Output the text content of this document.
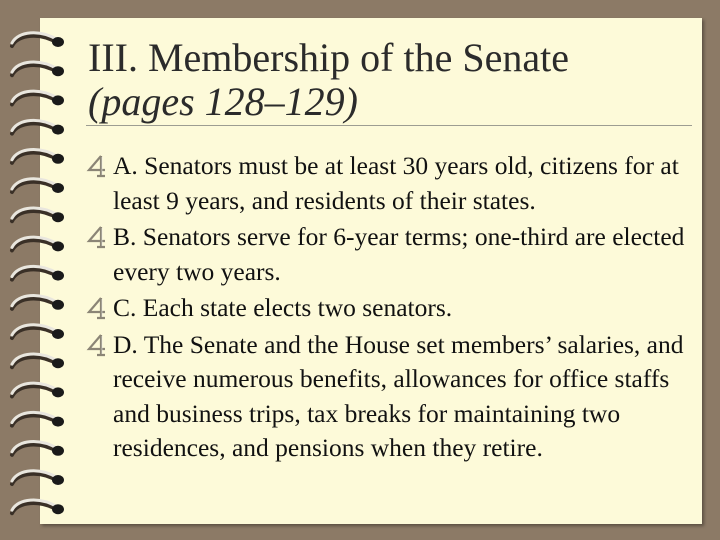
III. Membership of the Senate
(pages 128–129)
A. Senators must be at least 30 years old, citizens for at least 9 years, and residents of their states.
B. Senators serve for 6-year terms; one-third are elected every two years.
C. Each state elects two senators.
D. The Senate and the House set members’ salaries, and receive numerous benefits, allowances for office staffs and business trips, tax breaks for maintaining two residences, and pensions when they retire.
